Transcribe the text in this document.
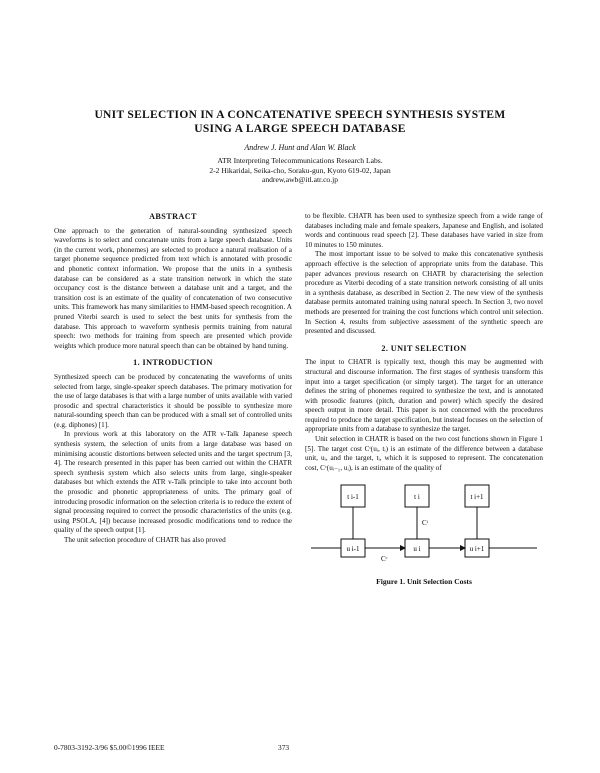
UNIT SELECTION IN A CONCATENATIVE SPEECH SYNTHESIS SYSTEM
USING A LARGE SPEECH DATABASE
Andrew J. Hunt and Alan W. Black
ATR Interpreting Telecommunications Research Labs.
2-2 Hikaridai, Seika-cho, Soraku-gun, Kyoto 619-02, Japan
andrew,awb@itl.atr.co.jp
ABSTRACT

One approach to the generation of natural-sounding synthesized speech waveforms is to select and concatenate units from a large speech database. Units (in the current work, phonemes) are selected to produce a natural realisation of a target phoneme sequence predicted from text which is annotated with prosodic and phonetic context information. We propose that the units in a synthesis database can be considered as a state transition network in which the state occupancy cost is the distance between a database unit and a target, and the transition cost is an estimate of the quality of concatenation of two consecutive units. This framework has many similarities to HMM-based speech recognition. A pruned Viterbi search is used to select the best units for synthesis from the database. This approach to waveform synthesis permits training from natural speech: two methods for training from speech are presented which provide weights which produce more natural speech than can be obtained by hand tuning.

1. INTRODUCTION

Synthesized speech can be produced by concatenating the waveforms of units selected from large, single-speaker speech databases. The primary motivation for the use of large databases is that with a large number of units available with varied prosodic and spectral characteristics it should be possible to synthesize more natural-sounding speech than can be produced with a small set of controlled units (e.g. diphones) [1].

In previous work at this laboratory on the ATR ν-Talk Japanese speech synthesis system, the selection of units from a large database was based on minimising acoustic distortions between selected units and the target spectrum [3, 4]. The research presented in this paper has been carried out within the CHATR speech synthesis system which also selects units from large, single-speaker databases but which extends the ATR ν-Talk principle to take into account both the prosodic and phonetic appropriateness of units. The primary goal of introducing prosodic information on the selection criteria is to reduce the extent of signal processing required to correct the prosodic characteristics of the units (e.g. using PSOLA, [4]) because increased prosodic modifications tend to reduce the quality of the speech output [1].

The unit selection procedure of CHATR has also proved

to be flexible. CHATR has been used to synthesize speech from a wide range of databases including male and female speakers, Japanese and English, and isolated words and continuous read speech [2]. These databases have varied in size from 10 minutes to 150 minutes.

The most important issue to be solved to make this concatenative synthesis approach effective is the selection of appropriate units from the database. This paper advances previous research on CHATR by characterising the selection procedure as Viterbi decoding of a state transition network consisting of all units in a synthesis database, as described in Section 2. The new view of the synthesis database permits automated training using natural speech. In Section 3, two novel methods are presented for training the cost functions which control unit selection. In Section 4, results from subjective assessment of the synthetic speech are presented and discussed.

2. UNIT SELECTION

The input to CHATR is typically text, though this may be augmented with structural and discourse information. The first stages of synthesis transform this input into a target specification (or simply target). The target for an utterance defines the string of phonemes required to synthesize the text, and is annotated with prosodic features (pitch, duration and power) which specify the desired speech output in more detail. This paper is not concerned with the procedures required to produce the target specification, but instead focuses on the selection of appropriate units from a database to synthesize the target.

Unit selection in CHATR is based on the two cost functions shown in Figure 1 [5]. The target cost Cᵗ(uᵢ, tᵢ) is an estimate of the difference between a database unit, uᵢ, and the target, tᵢ, which it is supposed to represent. The concatenation cost, Cᶜ(uᵢ₋₁, uᵢ), is an estimate of the quality of

t i-1	t i	t i+1
u i-1	u i	u i+1
Cᵗ
Cᶜ
Figure 1. Unit Selection Costs
0-7803-3192-3/96 $5.00©1996 IEEE	373
